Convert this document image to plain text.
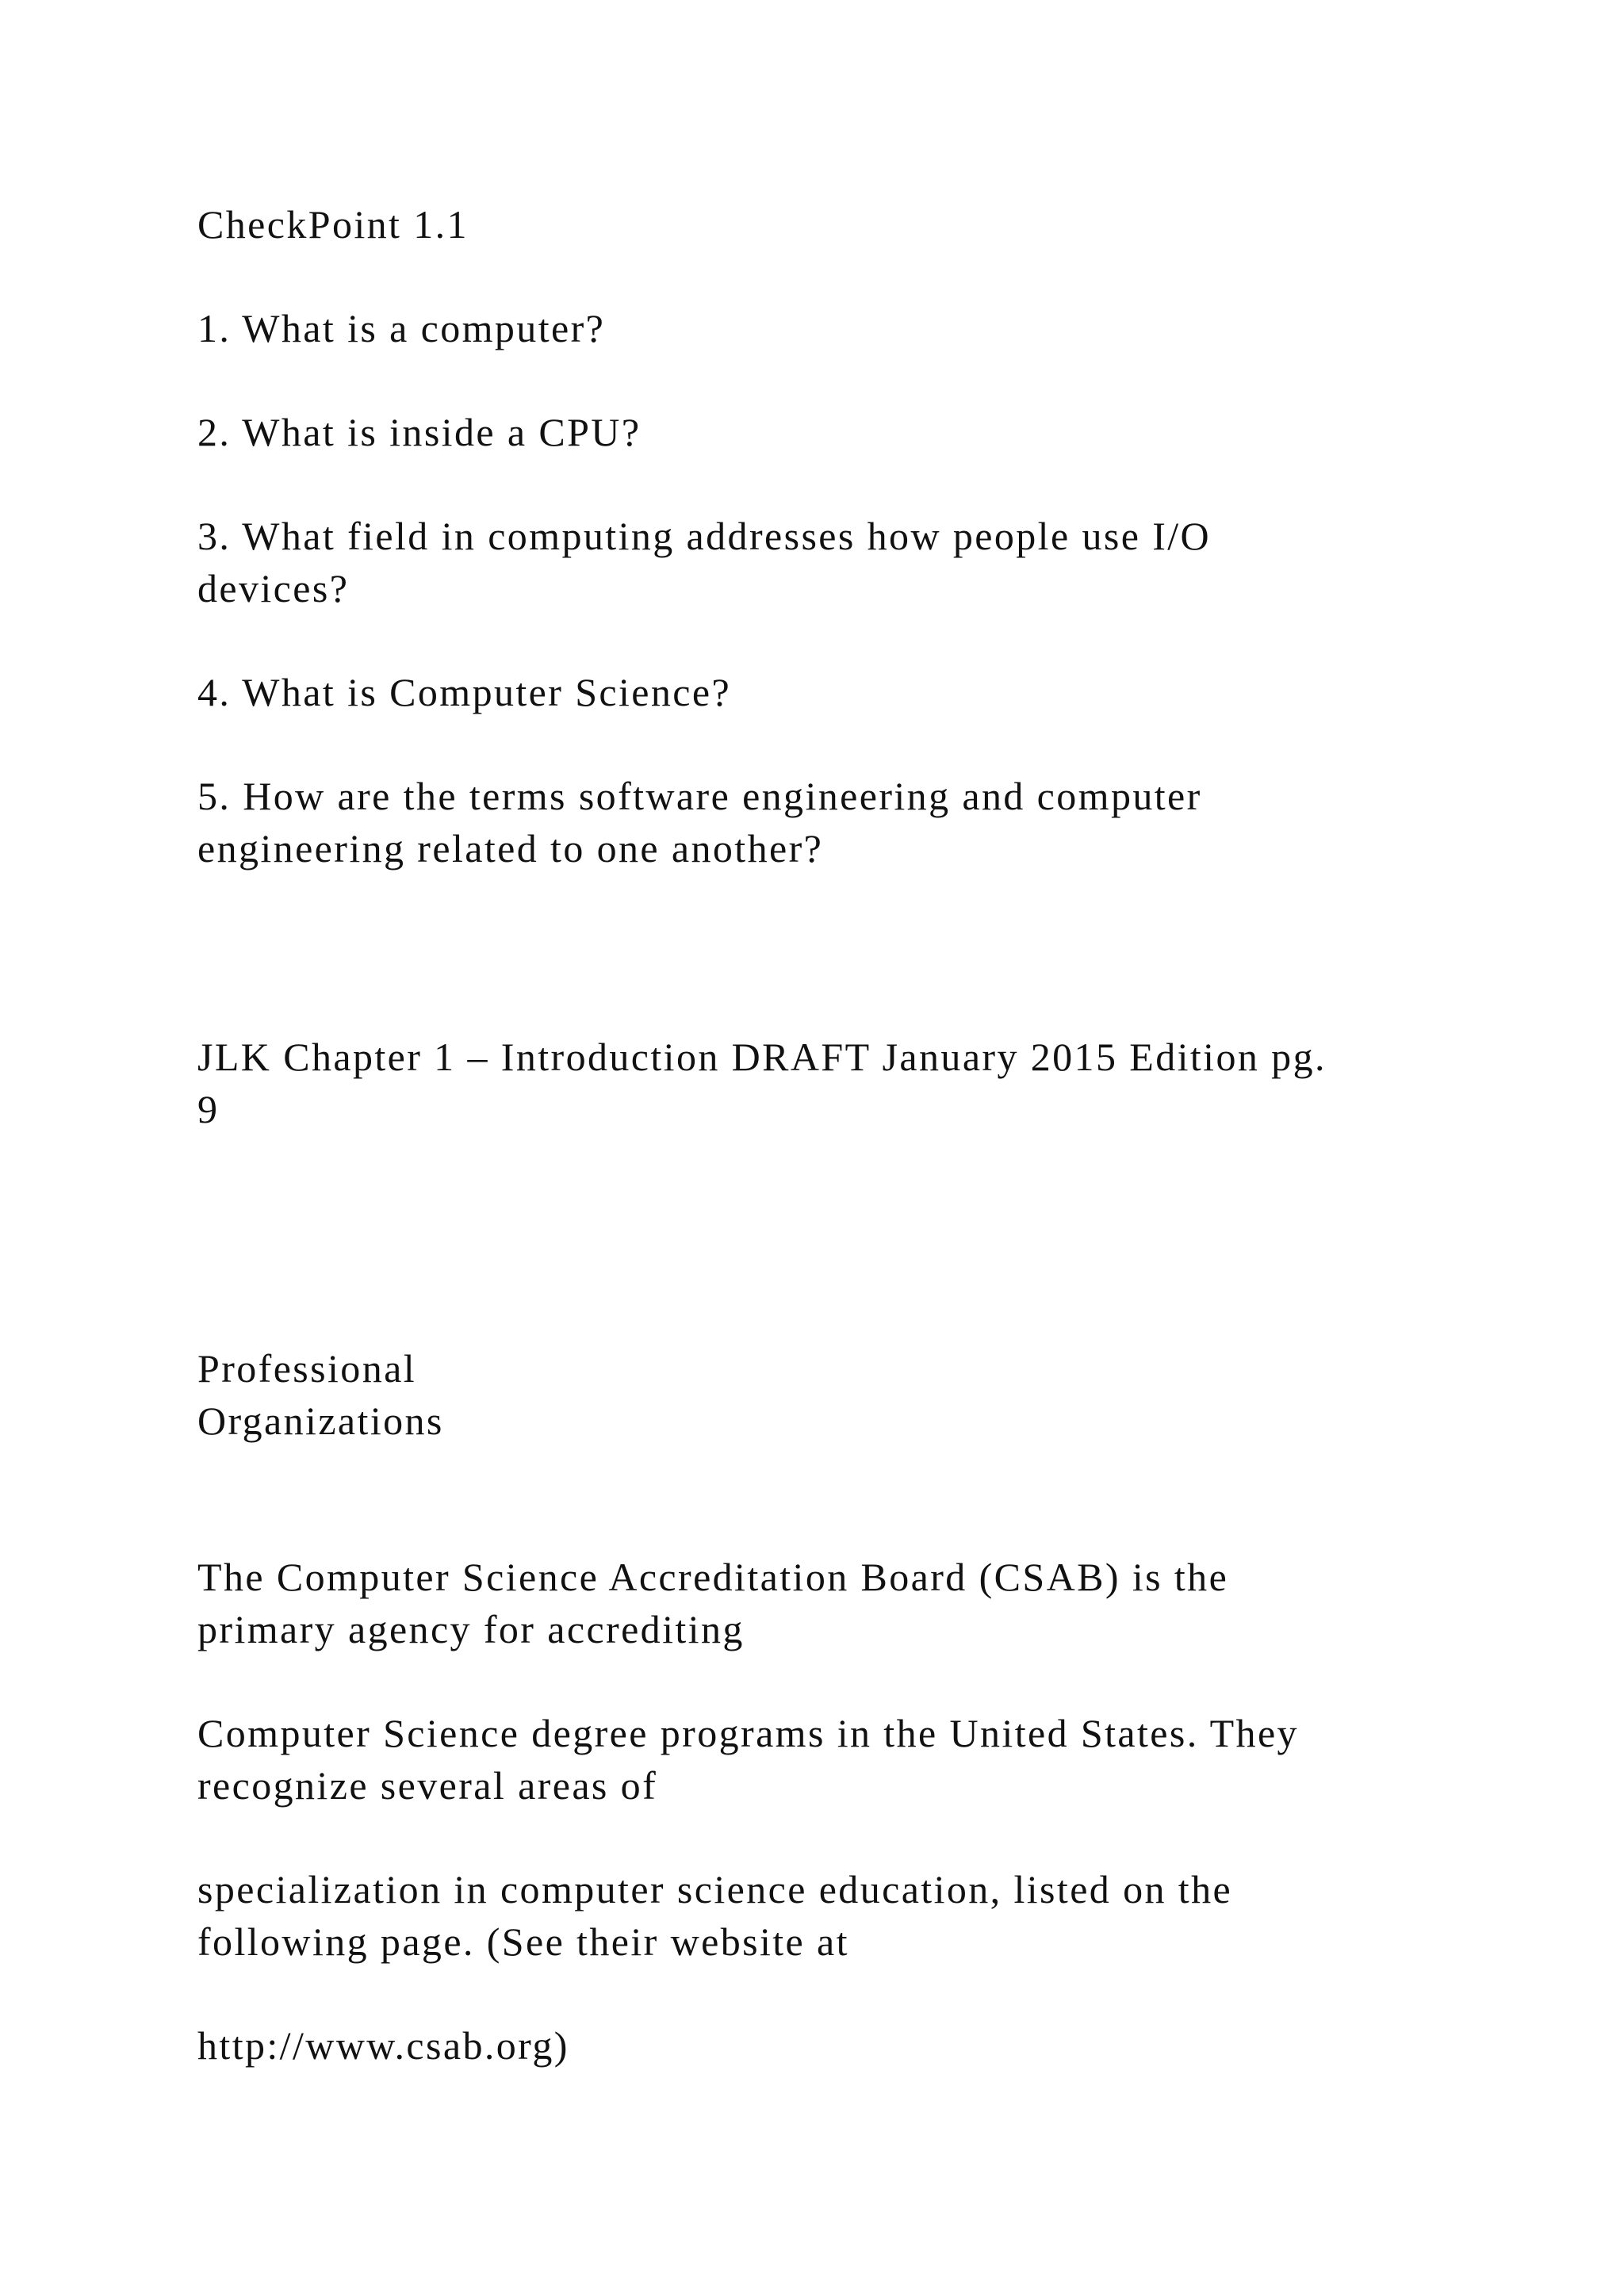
CheckPoint 1.1

1. What is a computer?

2. What is inside a CPU?

3. What field in computing addresses how people use I/O
devices?

4. What is Computer Science?

5. How are the terms software engineering and computer
engineering related to one another?

JLK Chapter 1 – Introduction DRAFT January 2015 Edition pg.
9

Professional
Organizations

The Computer Science Accreditation Board (CSAB) is the
primary agency for accrediting

Computer Science degree programs in the United States. They
recognize several areas of

specialization in computer science education, listed on the
following page. (See their website at

http://www.csab.org)
